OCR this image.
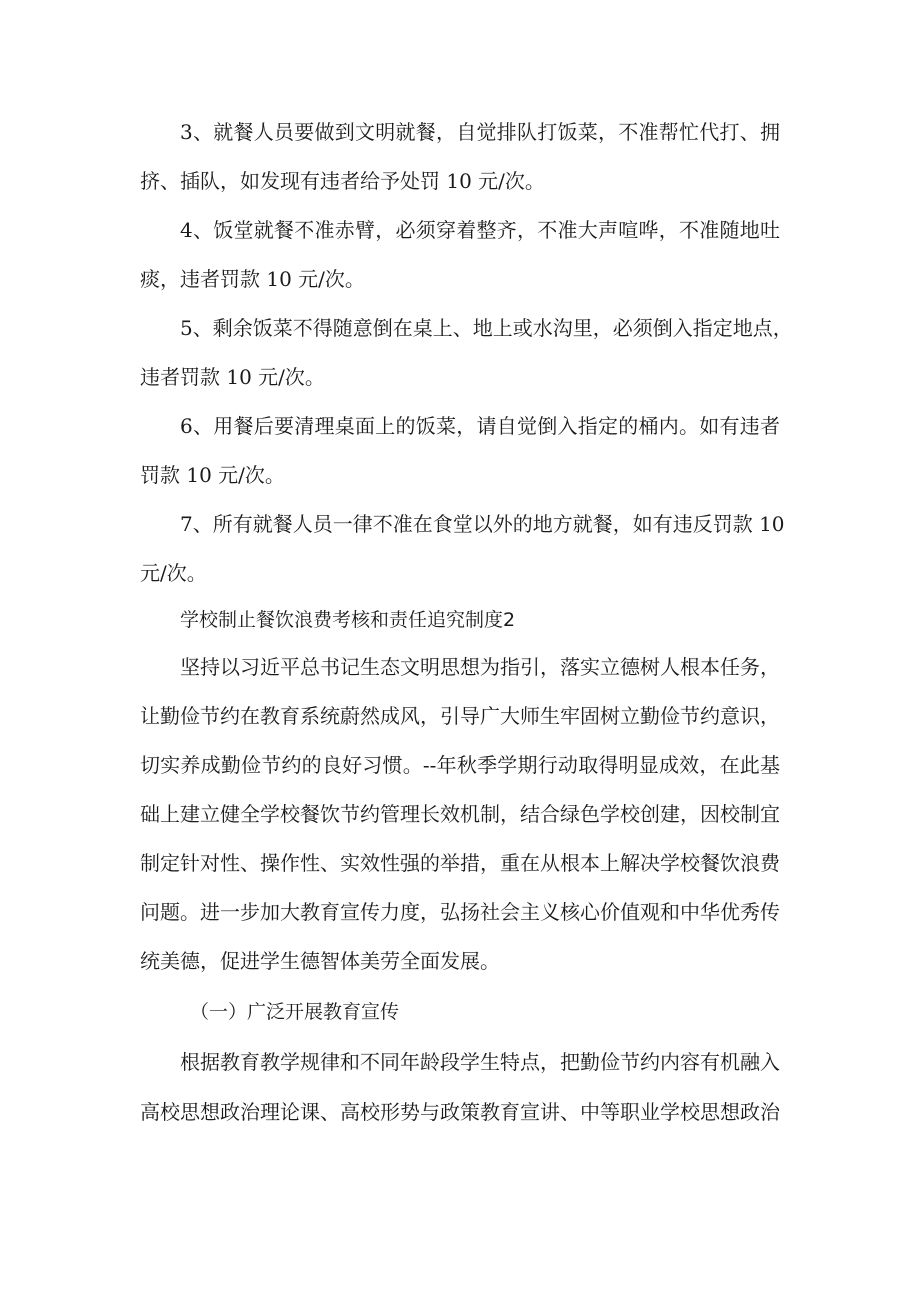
3、就餐人员要做到文明就餐，自觉排队打饭菜，不准帮忙代打、拥
挤、插队，如发现有违者给予处罚 10 元/次。
4、饭堂就餐不准赤臂，必须穿着整齐，不准大声喧哗，不准随地吐
痰，违者罚款 10 元/次。
5、剩余饭菜不得随意倒在桌上、地上或水沟里，必须倒入指定地点，
违者罚款 10 元/次。
6、用餐后要清理桌面上的饭菜，请自觉倒入指定的桶内。如有违者
罚款 10 元/次。
7、所有就餐人员一律不准在食堂以外的地方就餐，如有违反罚款 10
元/次。
学校制止餐饮浪费考核和责任追究制度2
坚持以习近平总书记生态文明思想为指引，落实立德树人根本任务，
让勤俭节约在教育系统蔚然成风，引导广大师生牢固树立勤俭节约意识，
切实养成勤俭节约的良好习惯。--年秋季学期行动取得明显成效，在此基
础上建立健全学校餐饮节约管理长效机制，结合绿色学校创建，因校制宜
制定针对性、操作性、实效性强的举措，重在从根本上解决学校餐饮浪费
问题。进一步加大教育宣传力度，弘扬社会主义核心价值观和中华优秀传
统美德，促进学生德智体美劳全面发展。
（一）广泛开展教育宣传
根据教育教学规律和不同年龄段学生特点，把勤俭节约内容有机融入
高校思想政治理论课、高校形势与政策教育宣讲、中等职业学校思想政治
